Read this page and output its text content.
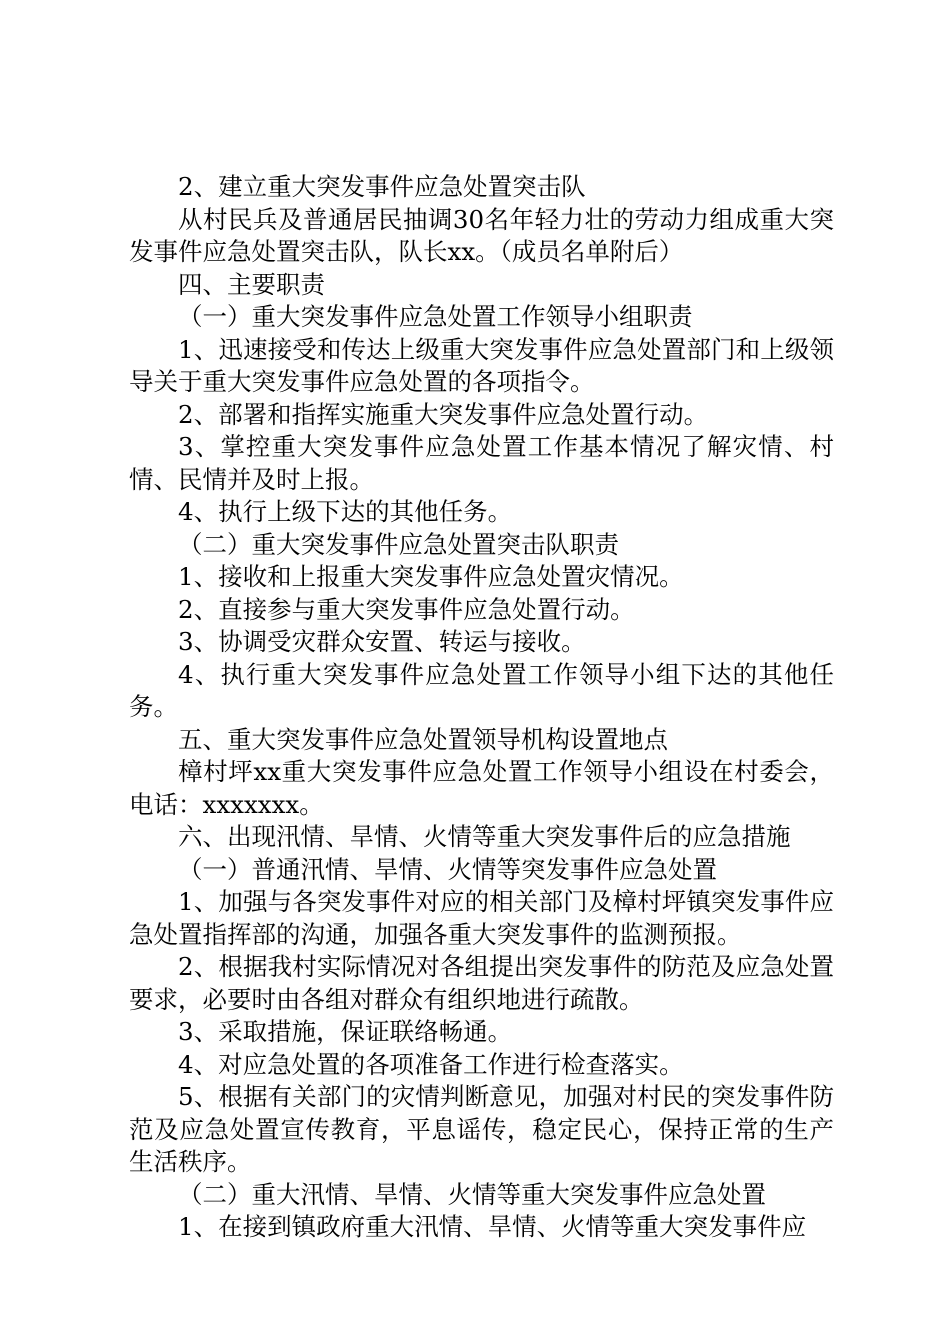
2、建立重大突发事件应急处置突击队

从村民兵及普通居民抽调30名年轻力壮的劳动力组成重大突发事件应急处置突击队，队长xx。（成员名单附后）

四、主要职责

（一）重大突发事件应急处置工作领导小组职责

1、迅速接受和传达上级重大突发事件应急处置部门和上级领导关于重大突发事件应急处置的各项指令。

2、部署和指挥实施重大突发事件应急处置行动。

3、掌控重大突发事件应急处置工作基本情况了解灾情、村情、民情并及时上报。

4、执行上级下达的其他任务。

（二）重大突发事件应急处置突击队职责

1、接收和上报重大突发事件应急处置灾情况。

2、直接参与重大突发事件应急处置行动。

3、协调受灾群众安置、转运与接收。

4、执行重大突发事件应急处置工作领导小组下达的其他任务。

五、重大突发事件应急处置领导机构设置地点

樟村坪xx重大突发事件应急处置工作领导小组设在村委会，电话：xxxxxxx。

六、出现汛情、旱情、火情等重大突发事件后的应急措施

（一）普通汛情、旱情、火情等突发事件应急处置

1、加强与各突发事件对应的相关部门及樟村坪镇突发事件应急处置指挥部的沟通，加强各重大突发事件的监测预报。

2、根据我村实际情况对各组提出突发事件的防范及应急处置要求，必要时由各组对群众有组织地进行疏散。

3、采取措施，保证联络畅通。

4、对应急处置的各项准备工作进行检查落实。

5、根据有关部门的灾情判断意见，加强对村民的突发事件防范及应急处置宣传教育，平息谣传，稳定民心，保持正常的生产生活秩序。

（二）重大汛情、旱情、火情等重大突发事件应急处置

1、在接到镇政府重大汛情、旱情、火情等重大突发事件应
